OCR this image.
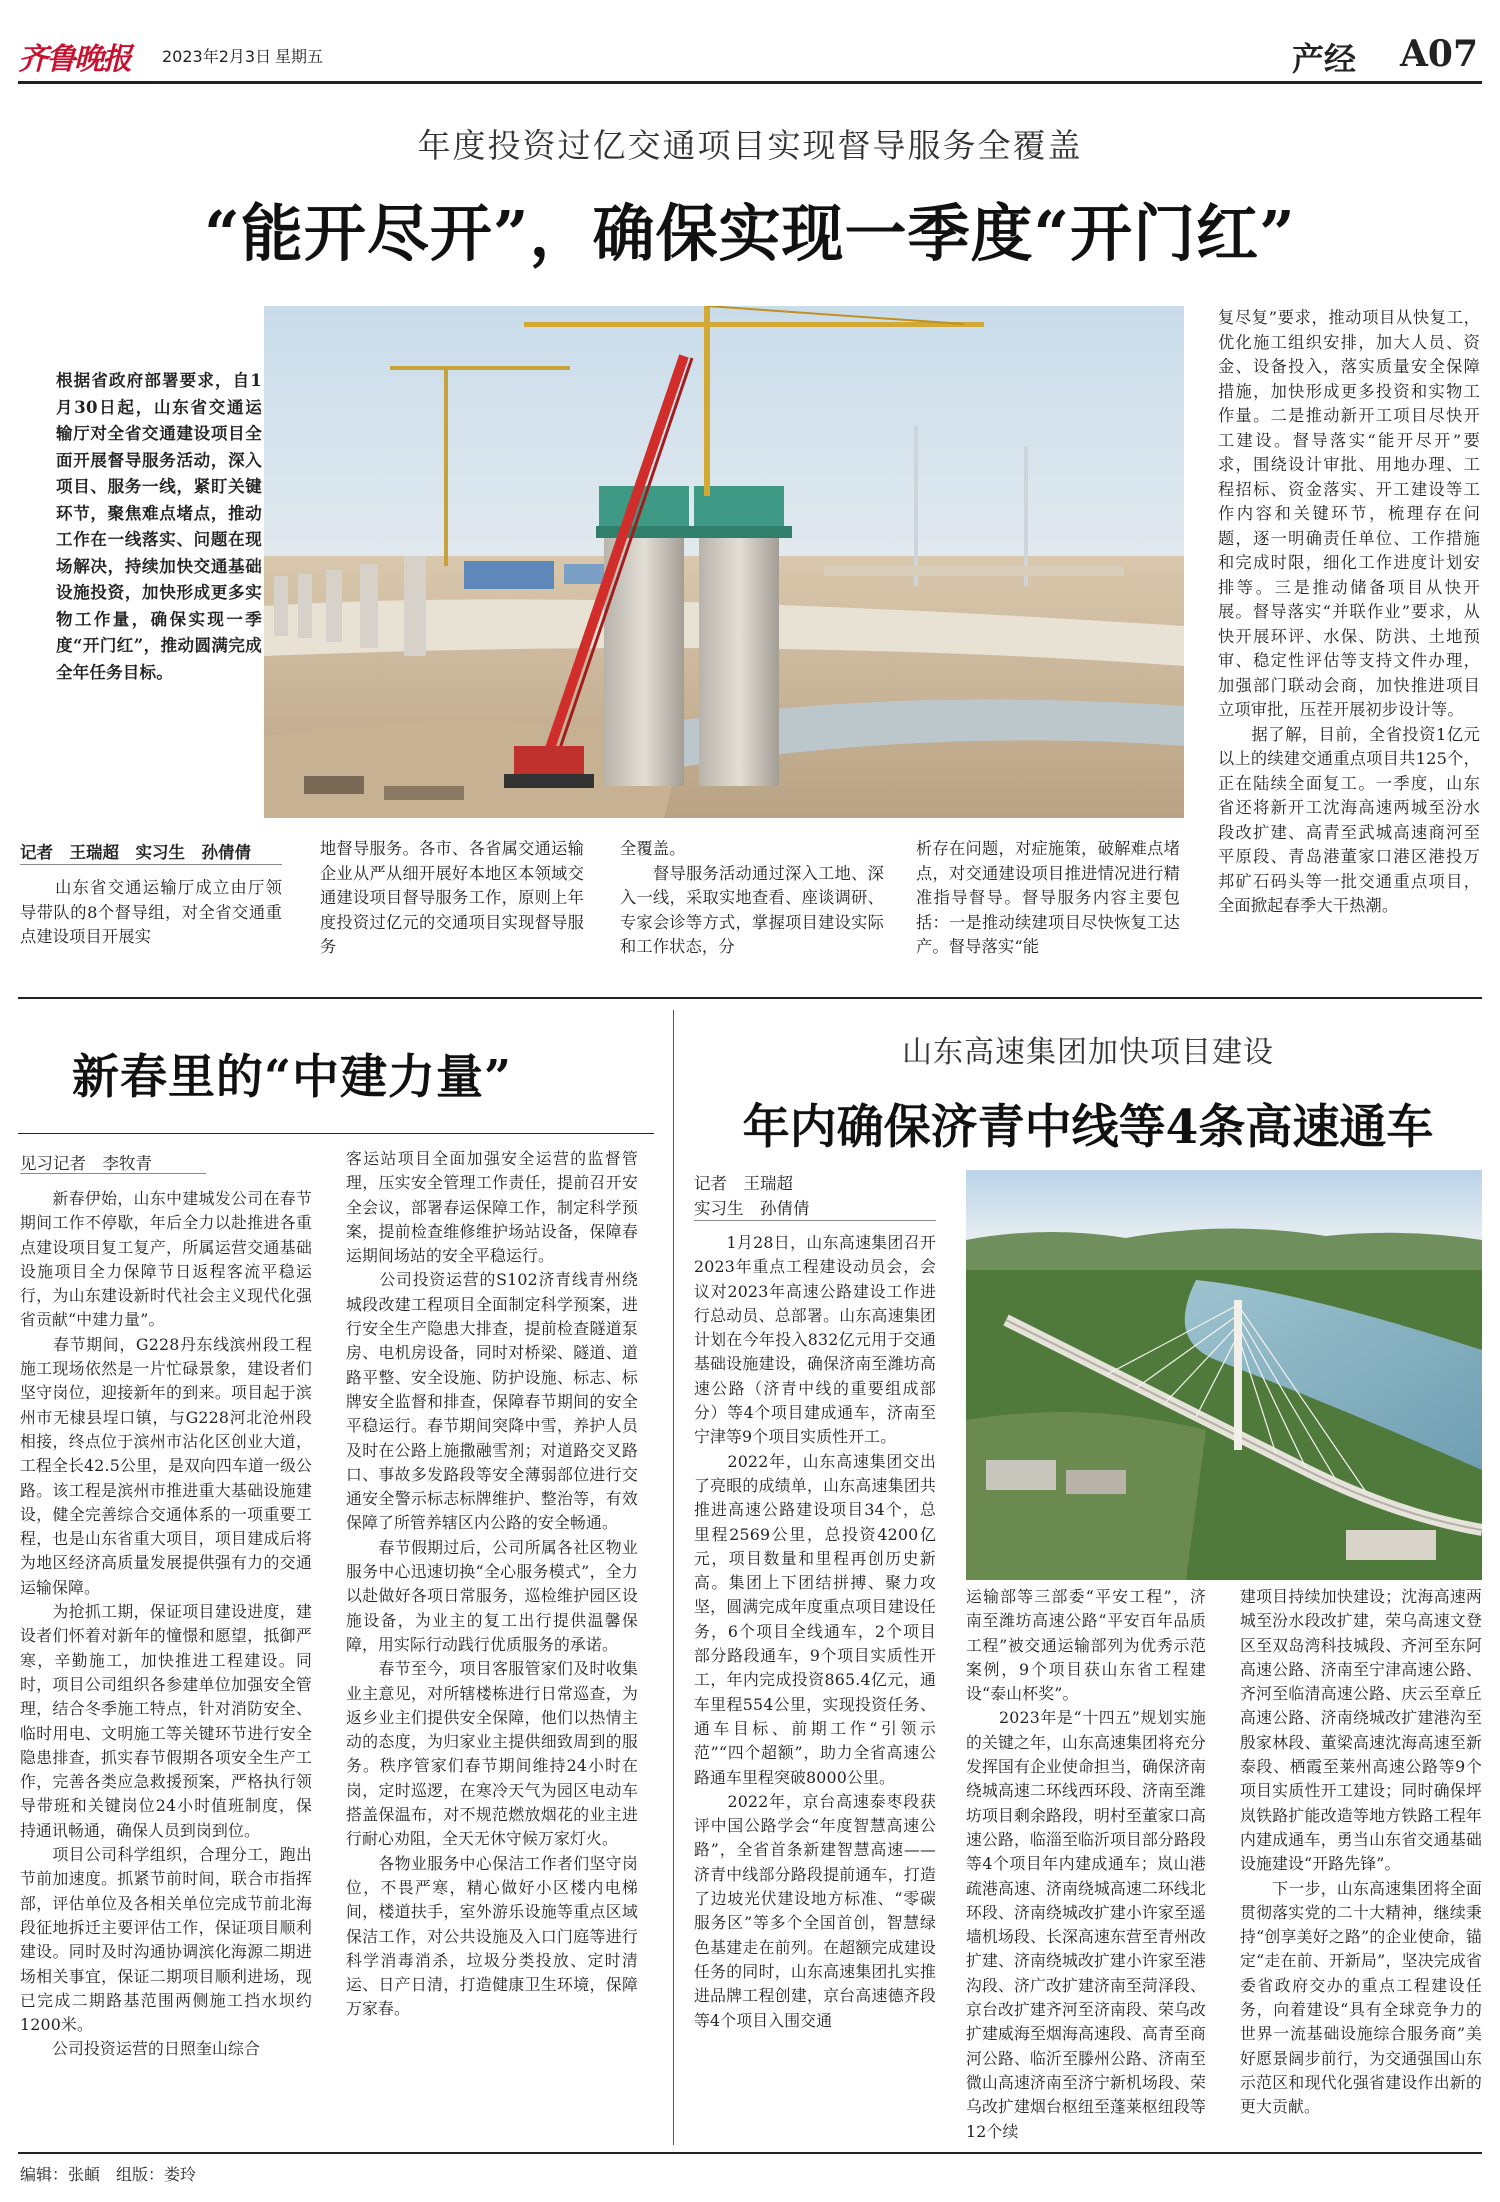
齐鲁晚报 2023年2月3日 星期五	产经 A07
年度投资过亿交通项目实现督导服务全覆盖
“能开尽开”，确保实现一季度“开门红”
根据省政府部署要求，自1月30日起，山东省交通运输厅对全省交通建设项目全面开展督导服务活动，深入项目、服务一线，紧盯关键环节，聚焦难点堵点，推动工作在一线落实、问题在现场解决，持续加快交通基础设施投资，加快形成更多实物工作量，确保实现一季度“开门红”，推动圆满完成全年任务目标。
记者　王瑞超　实习生　孙倩倩
　　山东省交通运输厅成立由厅领导带队的8个督导组，对全省交通重点建设项目开展实
地督导服务。各市、各省属交通运输企业从严从细开展好本地区本领域交通建设项目督导服务工作，原则上年度投资过亿元的交通项目实现督导服务
全覆盖。
　　督导服务活动通过深入工地、深入一线，采取实地查看、座谈调研、专家会诊等方式，掌握项目建设实际和工作状态，分
析存在问题，对症施策，破解难点堵点，对交通建设项目推进情况进行精准指导督导。督导服务内容主要包括：一是推动续建项目尽快恢复工达产。督导落实“能
复尽复”要求，推动项目从快复工，优化施工组织安排，加大人员、资金、设备投入，落实质量安全保障措施，加快形成更多投资和实物工作量。二是推动新开工项目尽快开工建设。督导落实“能开尽开”要求，围绕设计审批、用地办理、工程招标、资金落实、开工建设等工作内容和关键环节，梳理存在问题，逐一明确责任单位、工作措施和完成时限，细化工作进度计划安排等。三是推动储备项目从快开展。督导落实“并联作业”要求，从快开展环评、水保、防洪、土地预审、稳定性评估等支持文件办理，加强部门联动会商，加快推进项目立项审批，压茬开展初步设计等。
　　据了解，目前，全省投资1亿元以上的续建交通重点项目共125个，正在陆续全面复工。一季度，山东省还将新开工沈海高速两城至汾水段改扩建、高青至武城高速商河至平原段、青岛港董家口港区港投万邦矿石码头等一批交通重点项目，全面掀起春季大干热潮。
新春里的“中建力量”
见习记者　李牧青
　　新春伊始，山东中建城发公司在春节期间工作不停歇，年后全力以赴推进各重点建设项目复工复产，所属运营交通基础设施项目全力保障节日返程客流平稳运行，为山东建设新时代社会主义现代化强省贡献“中建力量”。
　　春节期间，G228丹东线滨州段工程施工现场依然是一片忙碌景象，建设者们坚守岗位，迎接新年的到来。项目起于滨州市无棣县埕口镇，与G228河北沧州段相接，终点位于滨州市沾化区创业大道，工程全长42.5公里，是双向四车道一级公路。该工程是滨州市推进重大基础设施建设，健全完善综合交通体系的一项重要工程，也是山东省重大项目，项目建成后将为地区经济高质量发展提供强有力的交通运输保障。
　　为抢抓工期，保证项目建设进度，建设者们怀着对新年的憧憬和愿望，抵御严寒，辛勤施工，加快推进工程建设。同时，项目公司组织各参建单位加强安全管理，结合冬季施工特点，针对消防安全、临时用电、文明施工等关键环节进行安全隐患排查，抓实春节假期各项安全生产工作，完善各类应急救援预案，严格执行领导带班和关键岗位24小时值班制度，保持通讯畅通，确保人员到岗到位。
　　项目公司科学组织，合理分工，跑出节前加速度。抓紧节前时间，联合市指挥部，评估单位及各相关单位完成节前北海段征地拆迁主要评估工作，保证项目顺利建设。同时及时沟通协调滨化海源二期进场相关事宜，保证二期项目顺利进场，现已完成二期路基范围两侧施工挡水坝约1200米。
　　公司投资运营的日照奎山综合
客运站项目全面加强安全运营的监督管理，压实安全管理工作责任，提前召开安全会议，部署春运保障工作，制定科学预案，提前检查维修维护场站设备，保障春运期间场站的安全平稳运行。
　　公司投资运营的S102济青线青州绕城段改建工程项目全面制定科学预案，进行安全生产隐患大排查，提前检查隧道泵房、电机房设备，同时对桥梁、隧道、道路平整、安全设施、防护设施、标志、标牌安全监督和排查，保障春节期间的安全平稳运行。春节期间突降中雪，养护人员及时在公路上施撒融雪剂；对道路交叉路口、事故多发路段等安全薄弱部位进行交通安全警示标志标牌维护、整治等，有效保障了所管养辖区内公路的安全畅通。
　　春节假期过后，公司所属各社区物业服务中心迅速切换“全心服务模式”，全力以赴做好各项日常服务，巡检维护园区设施设备，为业主的复工出行提供温馨保障，用实际行动践行优质服务的承诺。
　　春节至今，项目客服管家们及时收集业主意见，对所辖楼栋进行日常巡查，为返乡业主们提供安全保障，他们以热情主动的态度，为归家业主提供细致周到的服务。秩序管家们春节期间维持24小时在岗，定时巡逻，在寒冷天气为园区电动车搭盖保温布，对不规范燃放烟花的业主进行耐心劝阻，全天无休守候万家灯火。
　　各物业服务中心保洁工作者们坚守岗位，不畏严寒，精心做好小区楼内电梯间，楼道扶手，室外游乐设施等重点区域保洁工作，对公共设施及入口门庭等进行科学消毒消杀，垃圾分类投放、定时清运、日产日清，打造健康卫生环境，保障万家春。
山东高速集团加快项目建设
年内确保济青中线等4条高速通车
记者　王瑞超
实习生　孙倩倩
　　1月28日，山东高速集团召开2023年重点工程建设动员会，会议对2023年高速公路建设工作进行总动员、总部署。山东高速集团计划在今年投入832亿元用于交通基础设施建设，确保济南至潍坊高速公路（济青中线的重要组成部分）等4个项目建成通车，济南至宁津等9个项目实质性开工。
　　2022年，山东高速集团交出了亮眼的成绩单，山东高速集团共推进高速公路建设项目34个，总里程2569公里，总投资4200亿元，项目数量和里程再创历史新高。集团上下团结拼搏、聚力攻坚，圆满完成年度重点项目建设任务，6个项目全线通车，2个项目部分路段通车，9个项目实质性开工，年内完成投资865.4亿元，通车里程554公里，实现投资任务、通车目标、前期工作“引领示范”“四个超额”，助力全省高速公路通车里程突破8000公里。
　　2022年，京台高速泰枣段获评中国公路学会“年度智慧高速公路”，全省首条新建智慧高速——济青中线部分路段提前通车，打造了边坡光伏建设地方标准、“零碳服务区”等多个全国首创，智慧绿色基建走在前列。在超额完成建设任务的同时，山东高速集团扎实推进品牌工程创建，京台高速德齐段等4个项目入围交通
运输部等三部委“平安工程”，济南至潍坊高速公路“平安百年品质工程”被交通运输部列为优秀示范案例，9个项目获山东省工程建设“泰山杯奖”。
　　2023年是“十四五”规划实施的关键之年，山东高速集团将充分发挥国有企业使命担当，确保济南绕城高速二环线西环段、济南至潍坊项目剩余路段，明村至董家口高速公路，临淄至临沂项目部分路段等4个项目年内建成通车；岚山港疏港高速、济南绕城高速二环线北环段、济南绕城改扩建小许家至遥墙机场段、长深高速东营至青州改扩建、济南绕城改扩建小许家至港沟段、济广改扩建济南至菏泽段、京台改扩建齐河至济南段、荣乌改扩建威海至烟海高速段、高青至商河公路、临沂至滕州公路、济南至微山高速济南至济宁新机场段、荣乌改扩建烟台枢纽至蓬莱枢纽段等12个续
建项目持续加快建设；沈海高速两城至汾水段改扩建，荣乌高速文登区至双岛湾科技城段、齐河至东阿高速公路、济南至宁津高速公路、齐河至临清高速公路、庆云至章丘高速公路、济南绕城改扩建港沟至殷家林段、董梁高速沈海高速至新泰段、栖霞至莱州高速公路等9个项目实质性开工建设；同时确保坪岚铁路扩能改造等地方铁路工程年内建成通车，勇当山东省交通基础设施建设“开路先锋”。
　　下一步，山东高速集团将全面贯彻落实党的二十大精神，继续秉持“创享美好之路”的企业使命，锚定“走在前、开新局”，坚决完成省委省政府交办的重点工程建设任务，向着建设“具有全球竞争力的世界一流基础设施综合服务商”美好愿景阔步前行，为交通强国山东示范区和现代化强省建设作出新的更大贡献。
编辑：张頔　组版：娄玲
